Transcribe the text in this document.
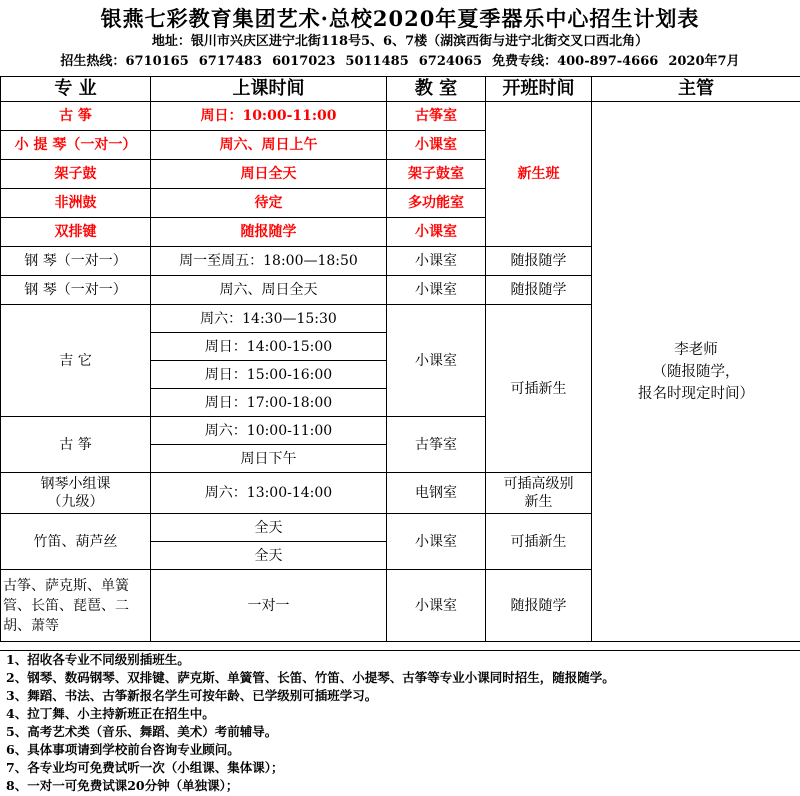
银燕七彩教育集团艺术·总校2020年夏季器乐中心招生计划表
地址：银川市兴庆区进宁北街118号5、6、7楼（湖滨西街与进宁北街交叉口西北角）
招生热线：6710165 6717483 6017023 5011485 6724065 免费专线：400-897-4666 2020年7月
专 业	上课时间	教 室	开班时间	主管
古 筝	周日：10:00-11:00	古筝室	新生班	李老师
（随报随学，
报名时现定时间）
小 提 琴（一对一）	周六、周日上午	小课室		
架子鼓	周日全天	架子鼓室		
非洲鼓	待定	多功能室		
双排键	随报随学	小课室		
钢 琴（一对一）	周一至周五：18:00—18:50	小课室	随报随学	
钢 琴（一对一）	周六、周日全天	小课室	随报随学	
吉 它	周六：14:30—15:30	小课室	可插新生	
	周日：14:00-15:00			
	周日：15:00-16:00			
	周日：17:00-18:00			
古 筝	周六：10:00-11:00	古筝室		
	周日下午			
钢琴小组课
（九级）	周六：13:00-14:00	电钢室	可插高级别
新生	
竹笛、葫芦丝	全天	小课室	可插新生	
	全天			
古筝、萨克斯、单簧管、长笛、琵琶、二胡、萧等	一对一	小课室	随报随学	
1、招收各专业不同级别插班生。
2、钢琴、数码钢琴、双排键、萨克斯、单簧管、长笛、竹笛、小提琴、古筝等专业小课同时招生，随报随学。
3、舞蹈、书法、古筝新报名学生可按年龄、已学级别可插班学习。
4、拉丁舞、小主持新班正在招生中。
5、高考艺术类（音乐、舞蹈、美术）考前辅导。
6、具体事项请到学校前台咨询专业顾问。
7、各专业均可免费试听一次（小组课、集体课）；
8、一对一可免费试课20分钟（单独课）；
